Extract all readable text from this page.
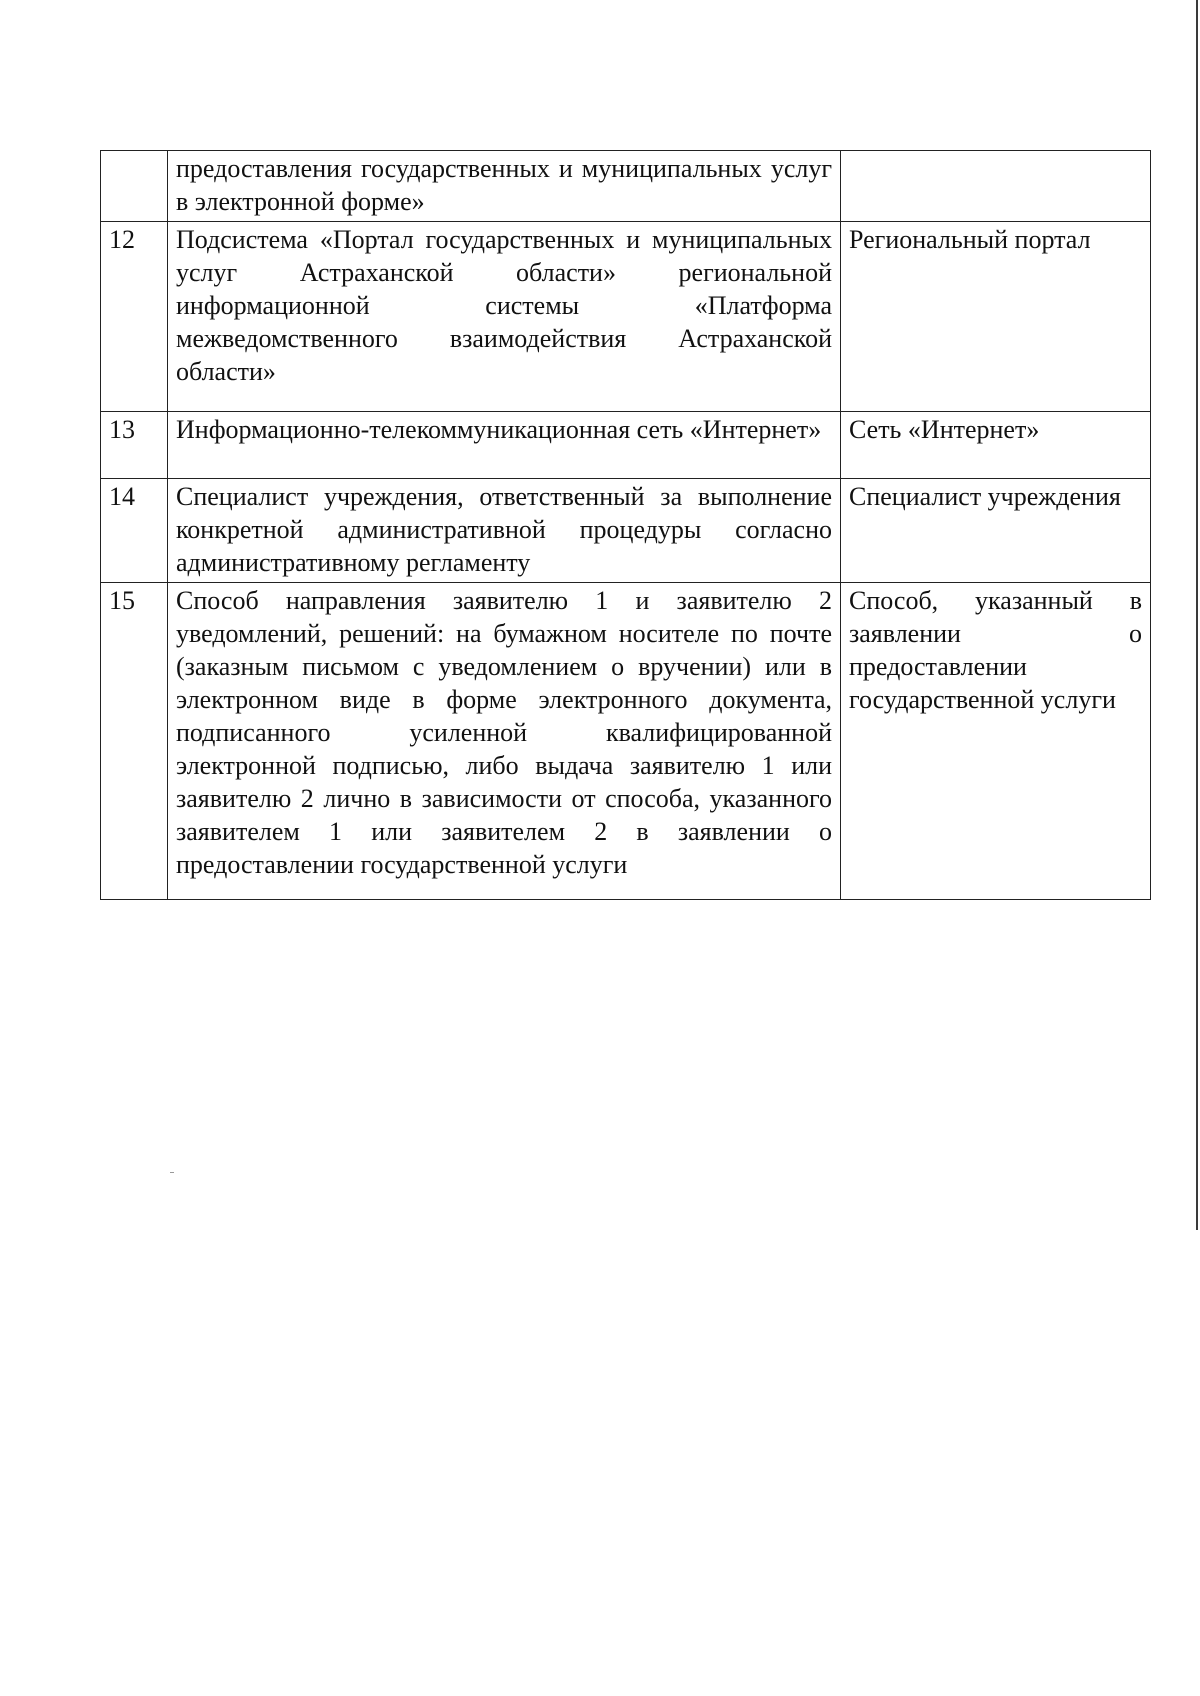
	предоставления государственных и муниципальных услуг в электронной форме»	
12	Подсистема «Портал государственных и муниципальных услуг Астраханской области» региональной информационной системы «Платформа межведомственного взаимодействия Астраханской области»	Региональный портал
13	Информационно-телекоммуникационная сеть «Интернет»	Сеть «Интернет»
14	Специалист учреждения, ответственный за выполнение конкретной административной процедуры согласно административному регламенту	Специалист учреждения
15	Способ направления заявителю 1 и заявителю 2 уведомлений, решений: на бумажном носителе по почте (заказным письмом с уведомлением о вручении) или в электронном виде в форме электронного документа, подписанного усиленной квалифицированной электронной подписью, либо выдача заявителю 1 или заявителю 2 лично в зависимости от способа, указанного заявителем 1 или заявителем 2 в заявлении о предоставлении государственной услуги	Способ, указанный в заявлении о предоставлении государственной услуги
